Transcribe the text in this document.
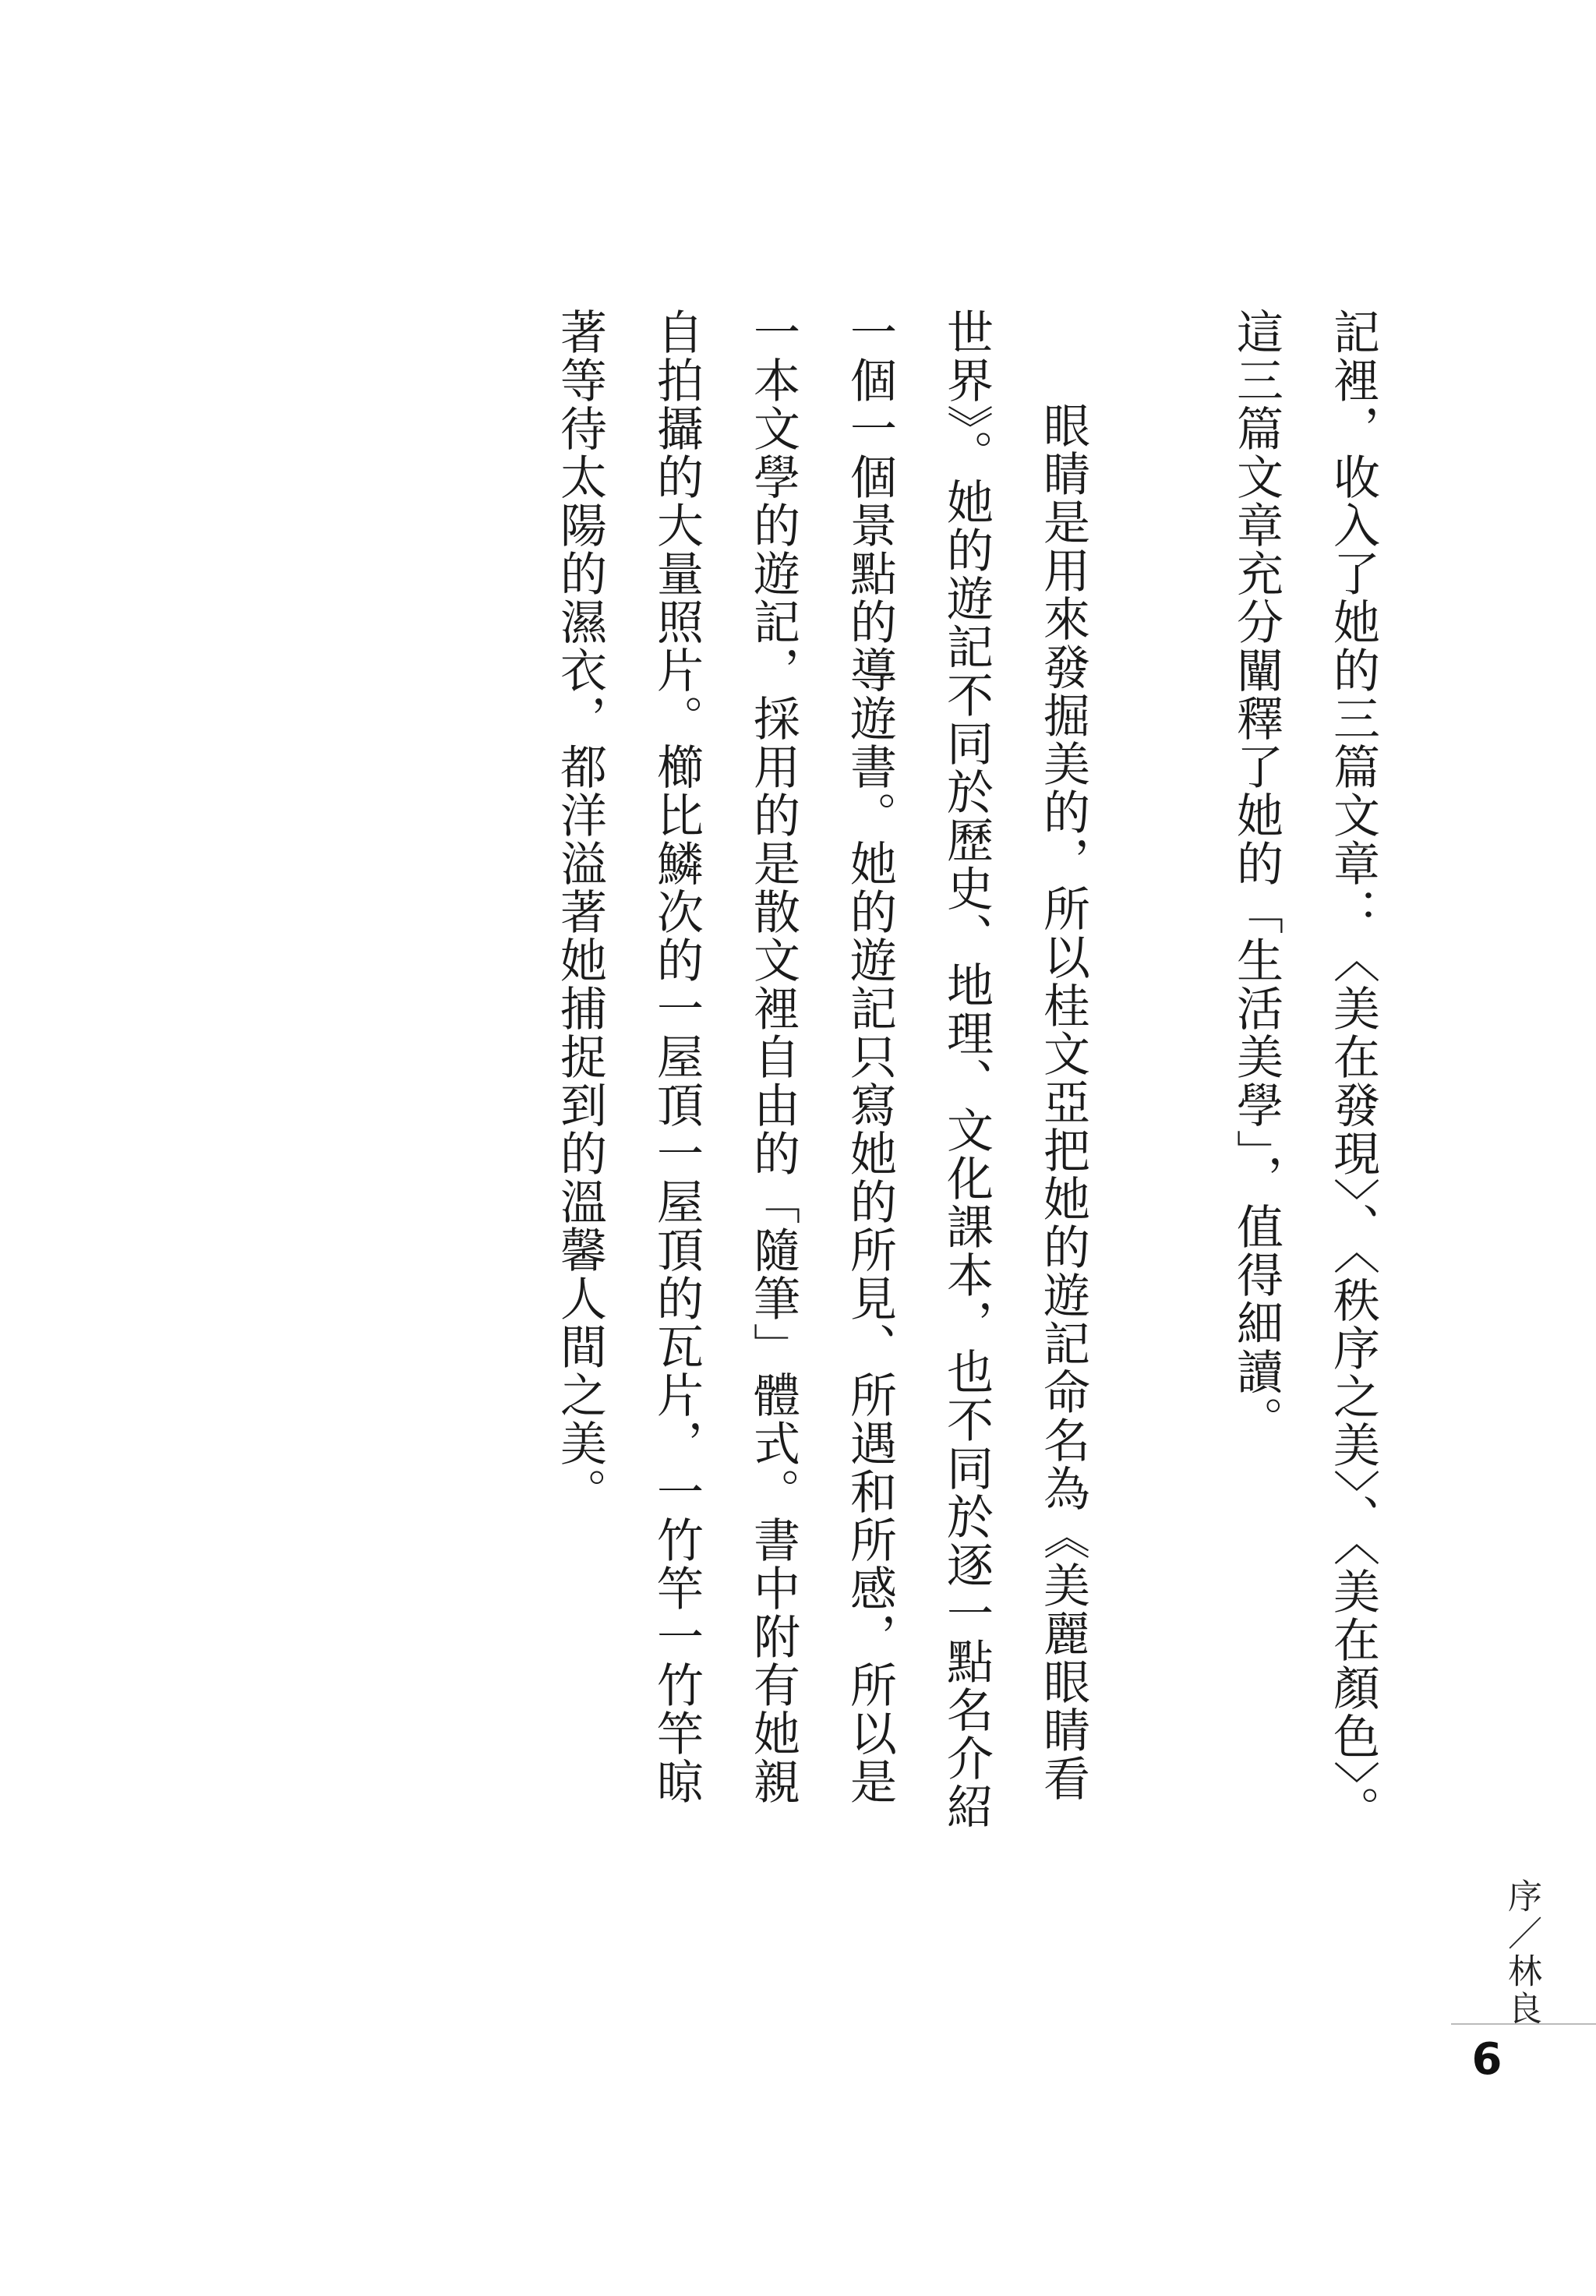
記裡，收入了她的三篇文章：〈美在發現〉、〈秩序之美〉、〈美在顏色〉。這三篇文章充分闡釋了她的「生活美學」，值得細讀。

眼睛是用來發掘美的，所以桂文亞把她的遊記命名為《美麗眼睛看世界》。她的遊記不同於歷史、地理、文化課本，也不同於逐一點名介紹一個一個景點的導遊書。她的遊記只寫她的所見、所遇和所感，所以是一本文學的遊記，採用的是散文裡自由的「隨筆」體式。書中附有她親自拍攝的大量照片。櫛比鱗次的一屋頂一屋頂的瓦片，一竹竿一竹竿晾著等待太陽的濕衣，都洋溢著她捕捉到的溫馨人間之美。

序／林良
6
